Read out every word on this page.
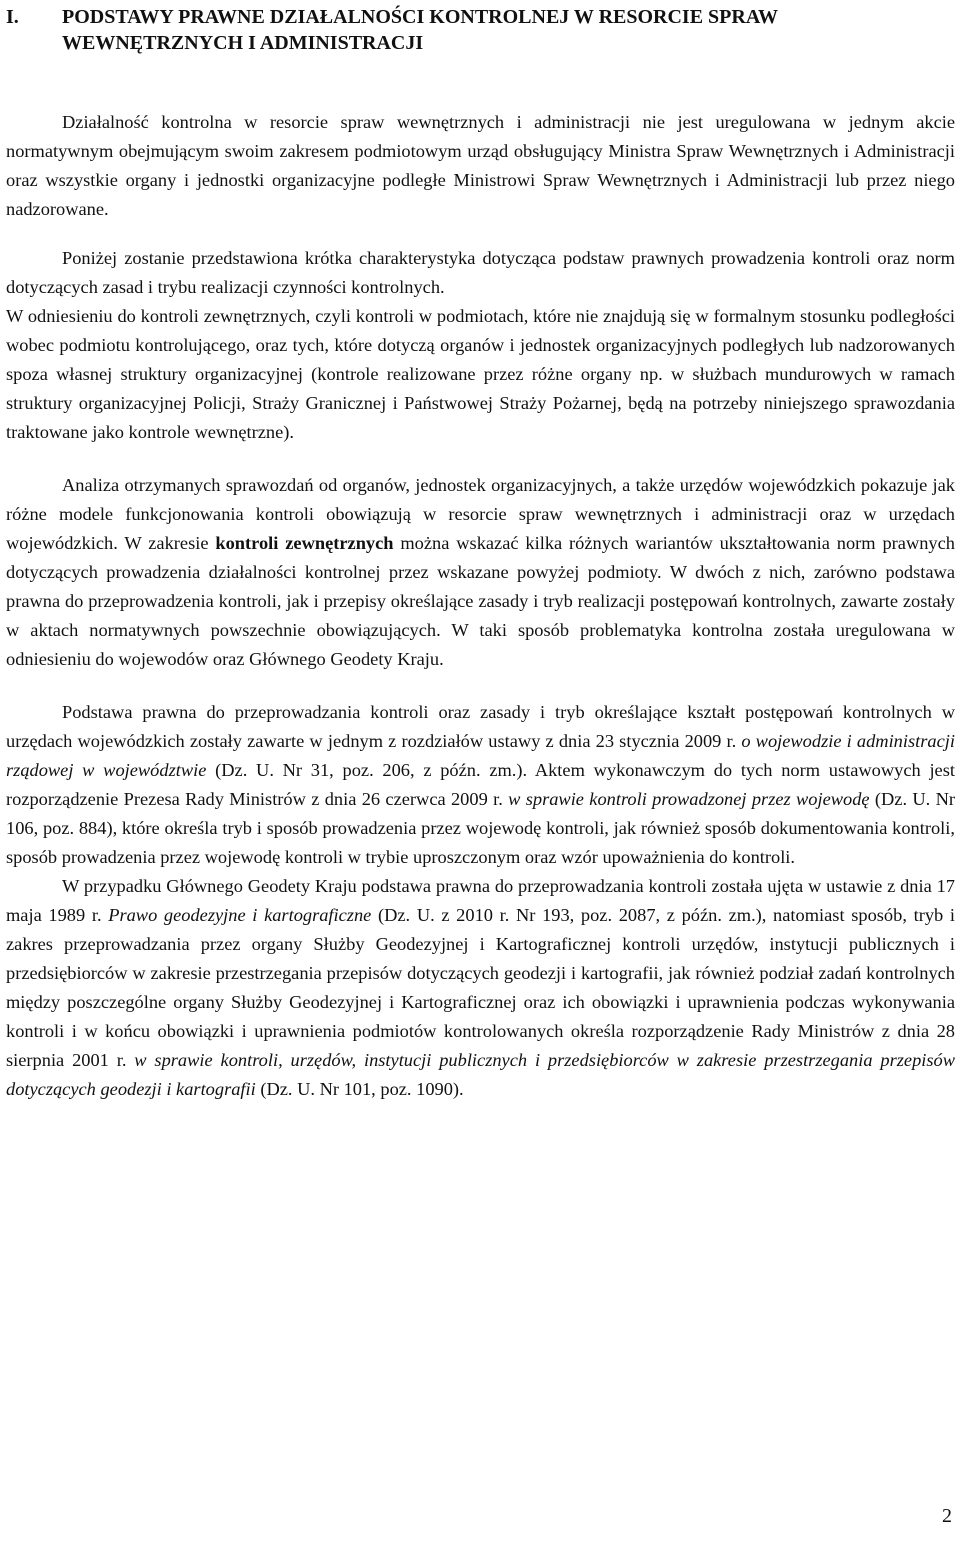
I.	PODSTAWY PRAWNE DZIAŁALNOŚCI KONTROLNEJ W RESORCIE SPRAW WEWNĘTRZNYCH I ADMINISTRACJI

Działalność kontrolna w resorcie spraw wewnętrznych i administracji nie jest uregulowana w jednym akcie normatywnym obejmującym swoim zakresem podmiotowym urząd obsługujący Ministra Spraw Wewnętrznych i Administracji oraz wszystkie organy i jednostki organizacyjne podległe Ministrowi Spraw Wewnętrznych i Administracji lub przez niego nadzorowane.

Poniżej zostanie przedstawiona krótka charakterystyka dotycząca podstaw prawnych prowadzenia kontroli oraz norm dotyczących zasad i trybu realizacji czynności kontrolnych.

W odniesieniu do kontroli zewnętrznych, czyli kontroli w podmiotach, które nie znajdują się w formalnym stosunku podległości wobec podmiotu kontrolującego, oraz tych, które dotyczą organów i jednostek organizacyjnych podległych lub nadzorowanych spoza własnej struktury organizacyjnej (kontrole realizowane przez różne organy np. w służbach mundurowych w ramach struktury organizacyjnej Policji, Straży Granicznej i Państwowej Straży Pożarnej, będą na potrzeby niniejszego sprawozdania traktowane jako kontrole wewnętrzne).

Analiza otrzymanych sprawozdań od organów, jednostek organizacyjnych, a także urzędów wojewódzkich pokazuje jak różne modele funkcjonowania kontroli obowiązują w resorcie spraw wewnętrznych i administracji oraz w urzędach wojewódzkich. W zakresie kontroli zewnętrznych można wskazać kilka różnych wariantów ukształtowania norm prawnych dotyczących prowadzenia działalności kontrolnej przez wskazane powyżej podmioty. W dwóch z nich, zarówno podstawa prawna do przeprowadzenia kontroli, jak i przepisy określające zasady i tryb realizacji postępowań kontrolnych, zawarte zostały w aktach normatywnych powszechnie obowiązujących. W taki sposób problematyka kontrolna została uregulowana w odniesieniu do wojewodów oraz Głównego Geodety Kraju.

Podstawa prawna do przeprowadzania kontroli oraz zasady i tryb określające kształt postępowań kontrolnych w urzędach wojewódzkich zostały zawarte w jednym z rozdziałów ustawy z dnia 23 stycznia 2009 r. o wojewodzie i administracji rządowej w województwie (Dz. U. Nr 31, poz. 206, z późn. zm.). Aktem wykonawczym do tych norm ustawowych jest rozporządzenie Prezesa Rady Ministrów z dnia 26 czerwca 2009 r. w sprawie kontroli prowadzonej przez wojewodę (Dz. U. Nr 106, poz. 884), które określa tryb i sposób prowadzenia przez wojewodę kontroli, jak również sposób dokumentowania kontroli, sposób prowadzenia przez wojewodę kontroli w trybie uproszczonym oraz wzór upoważnienia do kontroli.

W przypadku Głównego Geodety Kraju podstawa prawna do przeprowadzania kontroli została ujęta w ustawie z dnia 17 maja 1989 r. Prawo geodezyjne i kartograficzne (Dz. U. z 2010 r. Nr 193, poz. 2087, z późn. zm.), natomiast sposób, tryb i zakres przeprowadzania przez organy Służby Geodezyjnej i Kartograficznej kontroli urzędów, instytucji publicznych i przedsiębiorców w zakresie przestrzegania przepisów dotyczących geodezji i kartografii, jak również podział zadań kontrolnych między poszczególne organy Służby Geodezyjnej i Kartograficznej oraz ich obowiązki i uprawnienia podczas wykonywania kontroli i w końcu obowiązki i uprawnienia podmiotów kontrolowanych określa rozporządzenie Rady Ministrów z dnia 28 sierpnia 2001 r. w sprawie kontroli, urzędów, instytucji publicznych i przedsiębiorców w zakresie przestrzegania przepisów dotyczących geodezji i kartografii (Dz. U. Nr 101, poz. 1090).

2
